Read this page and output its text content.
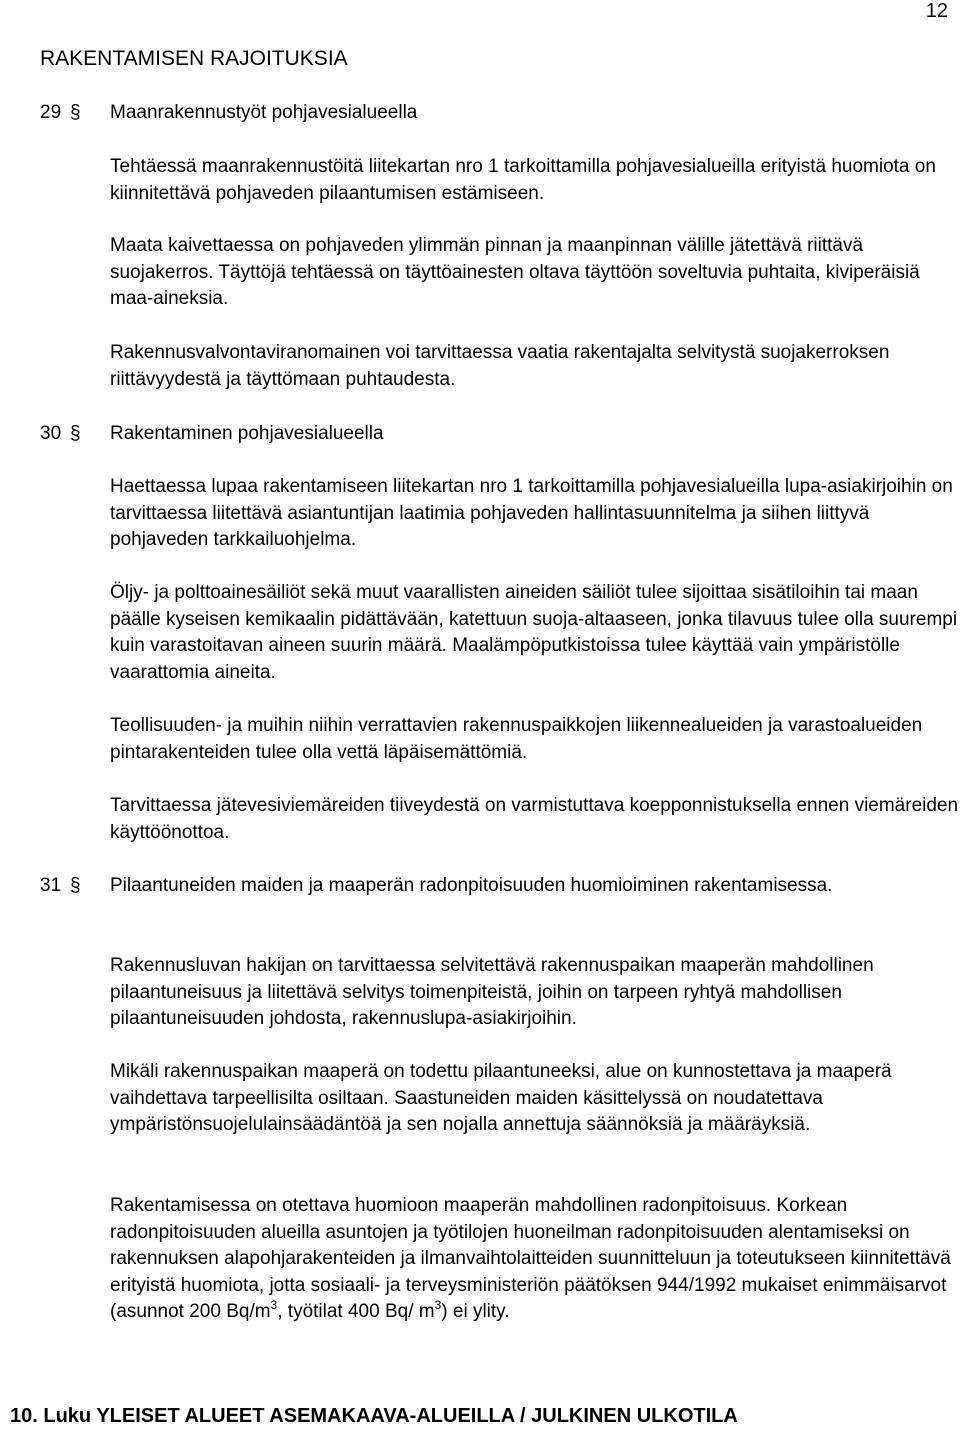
12
RAKENTAMISEN RAJOITUKSIA
29 § Maanrakennustyöt pohjavesialueella
Tehtäessä maanrakennustöitä liitekartan nro 1 tarkoittamilla pohjavesialueilla erityistä huomiota on kiinnitettävä pohjaveden pilaantumisen estämiseen.
Maata kaivettaessa on pohjaveden ylimmän pinnan ja maanpinnan välille jätettävä riittävä suojakerros. Täyttöjä tehtäessä on täyttöainesten oltava täyttöön soveltuvia puhtaita, kiviperäisiä maa-aineksia.
Rakennusvalvontaviranomainen voi tarvittaessa vaatia rakentajalta selvitystä suojakerroksen riittävyydestä ja täyttömaan puhtaudesta.
30 § Rakentaminen pohjavesialueella
Haettaessa lupaa rakentamiseen liitekartan nro 1 tarkoittamilla pohjavesialueilla lupa-asiakirjoihin on tarvittaessa liitettävä asiantuntijan laatimia pohjaveden hallintasuunnitelma ja siihen liittyvä pohjaveden tarkkailuohjelma.
Öljy- ja polttoainesäiliöt sekä muut vaarallisten aineiden säiliöt tulee sijoittaa sisätiloihin tai maan päälle kyseisen kemikaalin pidättävään, katettuun suoja-altaaseen, jonka tilavuus tulee olla suurempi kuin varastoitavan aineen suurin määrä. Maalämpöputkistoissa tulee käyttää vain ympäristölle vaarattomia aineita.
Teollisuuden- ja muihin niihin verrattavien rakennuspaikkojen liikennealueiden ja varastoalueiden pintarakenteiden tulee olla vettä läpäisemättömiä.
Tarvittaessa jätevesiviemäreiden tiiveydestä on varmistuttava koepponnistuksella ennen viemäreiden käyttöönottoa.
31 § Pilaantuneiden maiden ja maaperän radonpitoisuuden huomioiminen rakentamisessa.
Rakennusluvan hakijan on tarvittaessa selvitettävä rakennuspaikan maaperän mahdollinen pilaantuneisuus ja liitettävä selvitys toimenpiteistä, joihin on tarpeen ryhtyä mahdollisen pilaantuneisuuden johdosta, rakennuslupa-asiakirjoihin.
Mikäli rakennuspaikan maaperä on todettu pilaantuneeksi, alue on kunnostettava ja maaperä vaihdettava tarpeellisilta osiltaan. Saastuneiden maiden käsittelyssä on noudatettava ympäristönsuojelulainsäädäntöä ja sen nojalla annettuja säännöksiä ja määräyksiä.
Rakentamisessa on otettava huomioon maaperän mahdollinen radonpitoisuus. Korkean radonpitoisuuden alueilla asuntojen ja työtilojen huoneilman radonpitoisuuden alentamiseksi on rakennuksen alapohjarakenteiden ja ilmanvaihtolaitteiden suunnitteluun ja toteutukseen kiinnitettävä erityistä huomiota, jotta sosiaali- ja terveysministeriön päätöksen 944/1992 mukaiset enimmäisarvot (asunnot 200 $Bq/m^3$, työtilat 400 Bq/ $m^3$) ei ylity.
10. Luku YLEISET ALUEET ASEMAKAAVA-ALUEILLA / JULKINEN ULKOTILA
